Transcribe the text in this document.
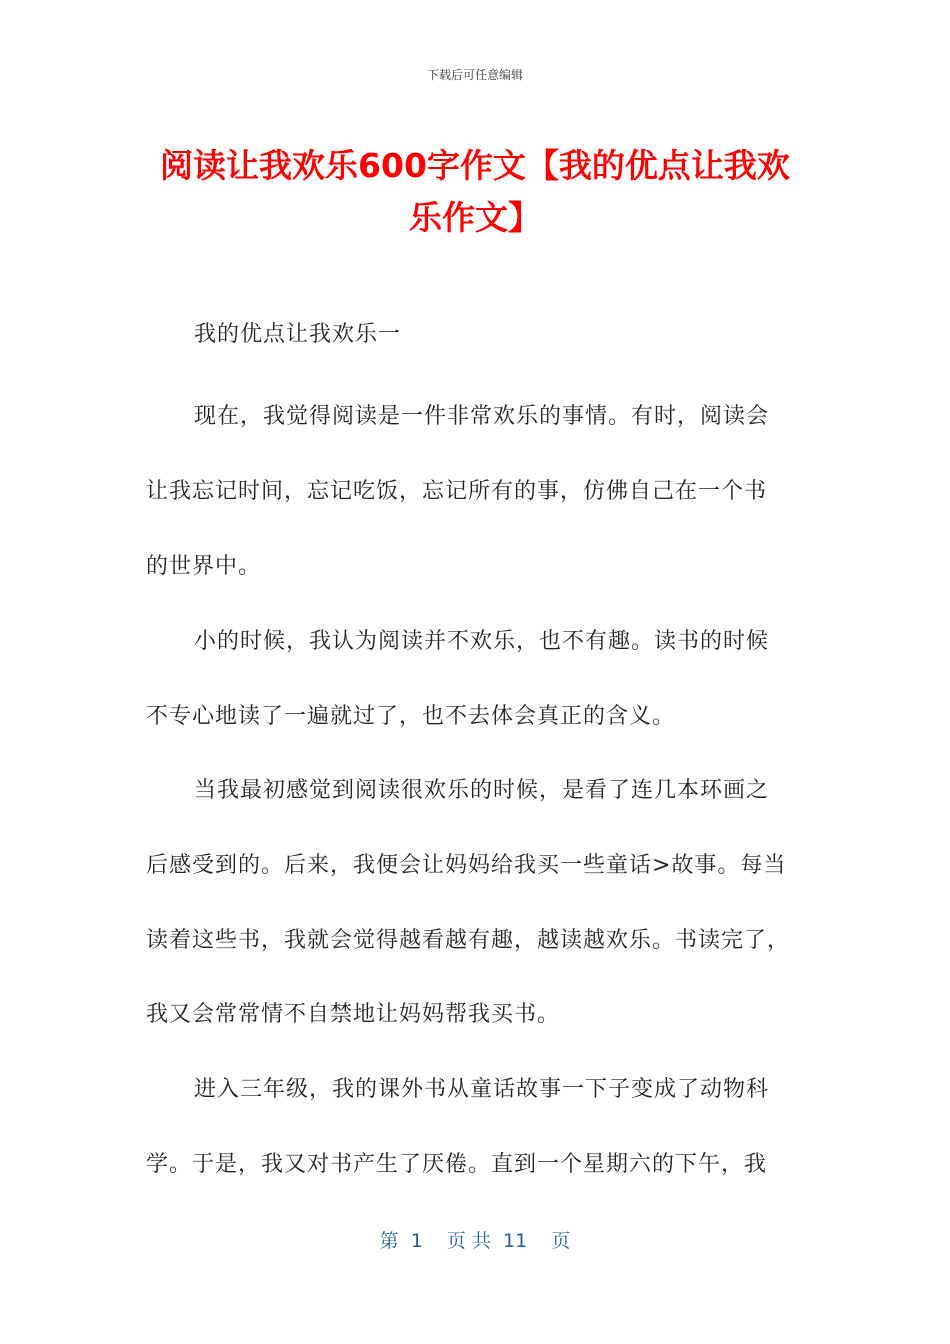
下载后可任意编辑
阅读让我欢乐600字作文【我的优点让我欢
乐作文】
我的优点让我欢乐一
现在，我觉得阅读是一件非常欢乐的事情。有时，阅读会
让我忘记时间，忘记吃饭，忘记所有的事，仿佛自己在一个书
的世界中。
小的时候，我认为阅读并不欢乐，也不有趣。读书的时候
不专心地读了一遍就过了，也不去体会真正的含义。
当我最初感觉到阅读很欢乐的时候，是看了连几本环画之
后感受到的。后来，我便会让妈妈给我买一些童话>故事。每当
读着这些书，我就会觉得越看越有趣，越读越欢乐。书读完了，
我又会常常情不自禁地让妈妈帮我买书。
进入三年级，我的课外书从童话故事一下子变成了动物科
学。于是，我又对书产生了厌倦。直到一个星期六的下午，我
第  1    页 共  11    页
